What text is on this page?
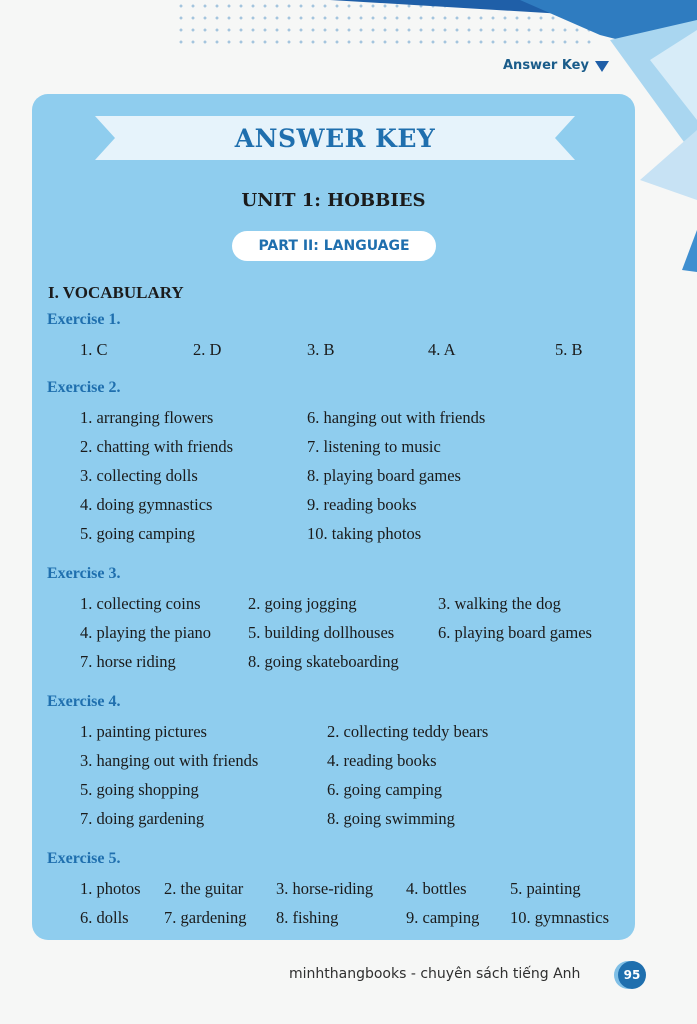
Answer Key
ANSWER KEY
UNIT 1: HOBBIES
PART II: LANGUAGE
I. VOCABULARY
Exercise 1.
1. C	2. D	3. B	4. A	5. B
Exercise 2.
1. arranging flowers
2. chatting with friends
3. collecting dolls
4. doing gymnastics
5. going camping
6. hanging out with friends
7. listening to music
8. playing board games
9. reading books
10. taking photos
Exercise 3.
1. collecting coins	2. going jogging	3. walking the dog
4. playing the piano 5. building dollhouses	6. playing board games
7. horse riding	8. going skateboarding
Exercise 4.
1. painting pictures	2. collecting teddy bears
3. hanging out with friends	4. reading books
5. going shopping	6. going camping
7. doing gardening	8. going swimming
Exercise 5.
1. photos 2. the guitar 3. horse-riding 4. bottles	5. painting
6. dolls 7. gardening 8. fishing	9. camping 10. gymnastics
minhthangbooks - chuyên sách tiếng Anh	95
